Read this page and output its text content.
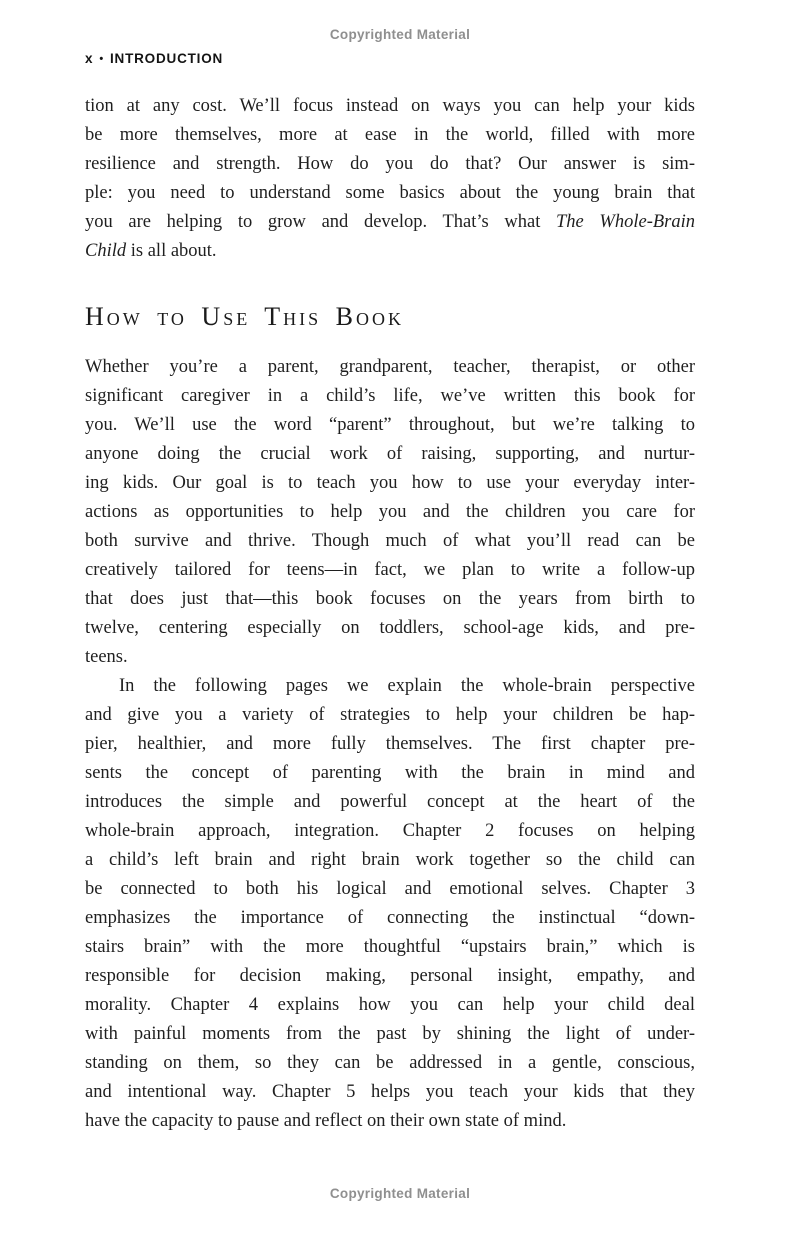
Copyrighted Material
x • INTRODUCTION
tion at any cost. We’ll focus instead on ways you can help your kids
be more themselves, more at ease in the world, filled with more
resilience and strength. How do you do that? Our answer is sim-
ple: you need to understand some basics about the young brain that
you are helping to grow and develop. That’s what The Whole-Brain
Child is all about.
How to Use This Book
Whether you’re a parent, grandparent, teacher, therapist, or other
significant caregiver in a child’s life, we’ve written this book for
you. We’ll use the word “parent” throughout, but we’re talking to
anyone doing the crucial work of raising, supporting, and nurtur-
ing kids. Our goal is to teach you how to use your everyday inter-
actions as opportunities to help you and the children you care for
both survive and thrive. Though much of what you’ll read can be
creatively tailored for teens—in fact, we plan to write a follow-up
that does just that—this book focuses on the years from birth to
twelve, centering especially on toddlers, school-age kids, and pre-
teens.
In the following pages we explain the whole-brain perspective
and give you a variety of strategies to help your children be hap-
pier, healthier, and more fully themselves. The first chapter pre-
sents the concept of parenting with the brain in mind and
introduces the simple and powerful concept at the heart of the
whole-brain approach, integration. Chapter 2 focuses on helping
a child’s left brain and right brain work together so the child can
be connected to both his logical and emotional selves. Chapter 3
emphasizes the importance of connecting the instinctual “down-
stairs brain” with the more thoughtful “upstairs brain,” which is
responsible for decision making, personal insight, empathy, and
morality. Chapter 4 explains how you can help your child deal
with painful moments from the past by shining the light of under-
standing on them, so they can be addressed in a gentle, conscious,
and intentional way. Chapter 5 helps you teach your kids that they
have the capacity to pause and reflect on their own state of mind.
Copyrighted Material
